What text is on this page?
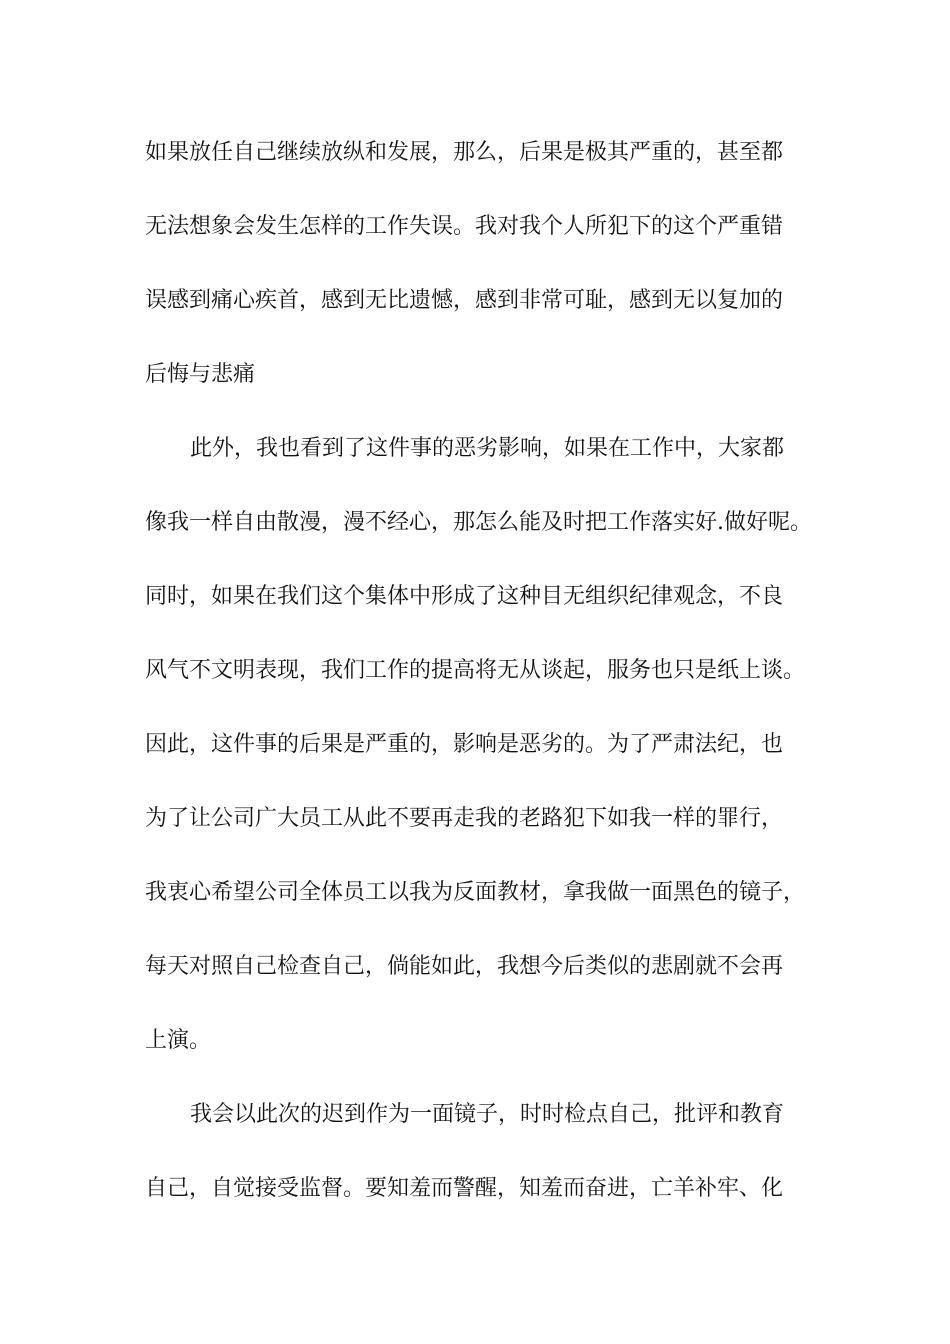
如果放任自己继续放纵和发展，那么，后果是极其严重的，甚至都
无法想象会发生怎样的工作失误。我对我个人所犯下的这个严重错
误感到痛心疾首，感到无比遗憾，感到非常可耻，感到无以复加的
后悔与悲痛
此外，我也看到了这件事的恶劣影响，如果在工作中，大家都
像我一样自由散漫，漫不经心，那怎么能及时把工作落实好.做好呢。
同时，如果在我们这个集体中形成了这种目无组织纪律观念，不良
风气不文明表现，我们工作的提高将无从谈起，服务也只是纸上谈。
因此，这件事的后果是严重的，影响是恶劣的。为了严肃法纪，也
为了让公司广大员工从此不要再走我的老路犯下如我一样的罪行，
我衷心希望公司全体员工以我为反面教材，拿我做一面黑色的镜子，
每天对照自己检查自己，倘能如此，我想今后类似的悲剧就不会再
上演。
我会以此次的迟到作为一面镜子，时时检点自己，批评和教育
自己，自觉接受监督。要知羞而警醒，知羞而奋进，亡羊补牢、化
